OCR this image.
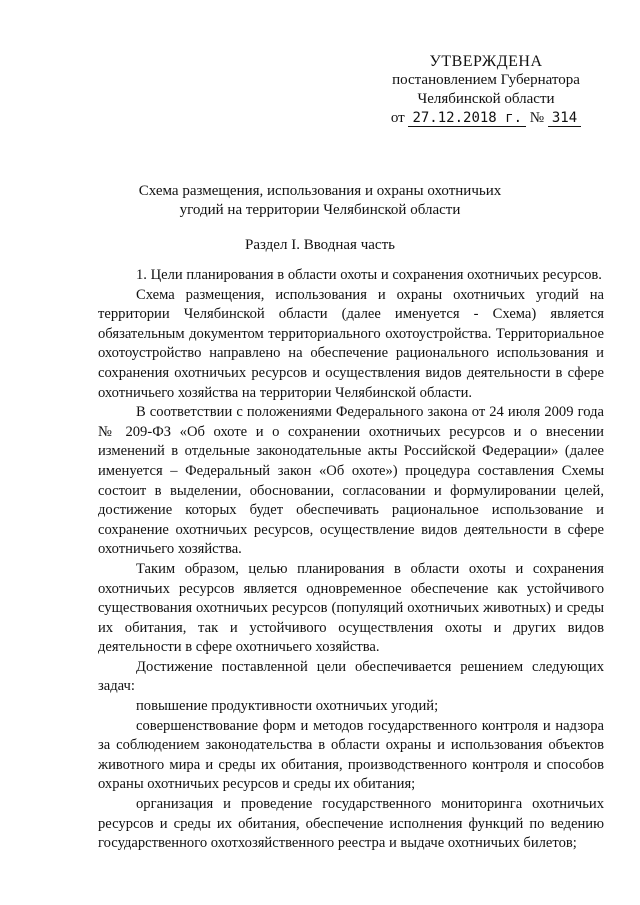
УТВЕРЖДЕНА
постановлением Губернатора
Челябинской области
от 27.12.2018 г. № 314
Схема размещения, использования и охраны охотничьих
угодий на территории Челябинской области
Раздел I. Вводная часть

1. Цели планирования в области охоты и сохранения охотничьих ресурсов.

Схема размещения, использования и охраны охотничьих угодий на территории Челябинской области (далее именуется - Схема) является обязательным документом территориального охотоустройства. Территориальное охотоустройство направлено на обеспечение рационального использования и сохранения охотничьих ресурсов и осуществления видов деятельности в сфере охотничьего хозяйства на территории Челябинской области.

В соответствии с положениями Федерального закона от 24 июля 2009 года № 209-ФЗ «Об охоте и о сохранении охотничьих ресурсов и о внесении изменений в отдельные законодательные акты Российской Федерации» (далее именуется – Федеральный закон «Об охоте») процедура составления Схемы состоит в выделении, обосновании, согласовании и формулировании целей, достижение которых будет обеспечивать рациональное использование и сохранение охотничьих ресурсов, осуществление видов деятельности в сфере охотничьего хозяйства.

Таким образом, целью планирования в области охоты и сохранения охотничьих ресурсов является одновременное обеспечение как устойчивого существования охотничьих ресурсов (популяций охотничьих животных) и среды их обитания, так и устойчивого осуществления охоты и других видов деятельности в сфере охотничьего хозяйства.

Достижение поставленной цели обеспечивается решением следующих задач:

повышение продуктивности охотничьих угодий;

совершенствование форм и методов государственного контроля и надзора за соблюдением законодательства в области охраны и использования объектов животного мира и среды их обитания, производственного контроля и способов охраны охотничьих ресурсов и среды их обитания;

организация и проведение государственного мониторинга охотничьих ресурсов и среды их обитания, обеспечение исполнения функций по ведению государственного охотхозяйственного реестра и выдаче охотничьих билетов;
